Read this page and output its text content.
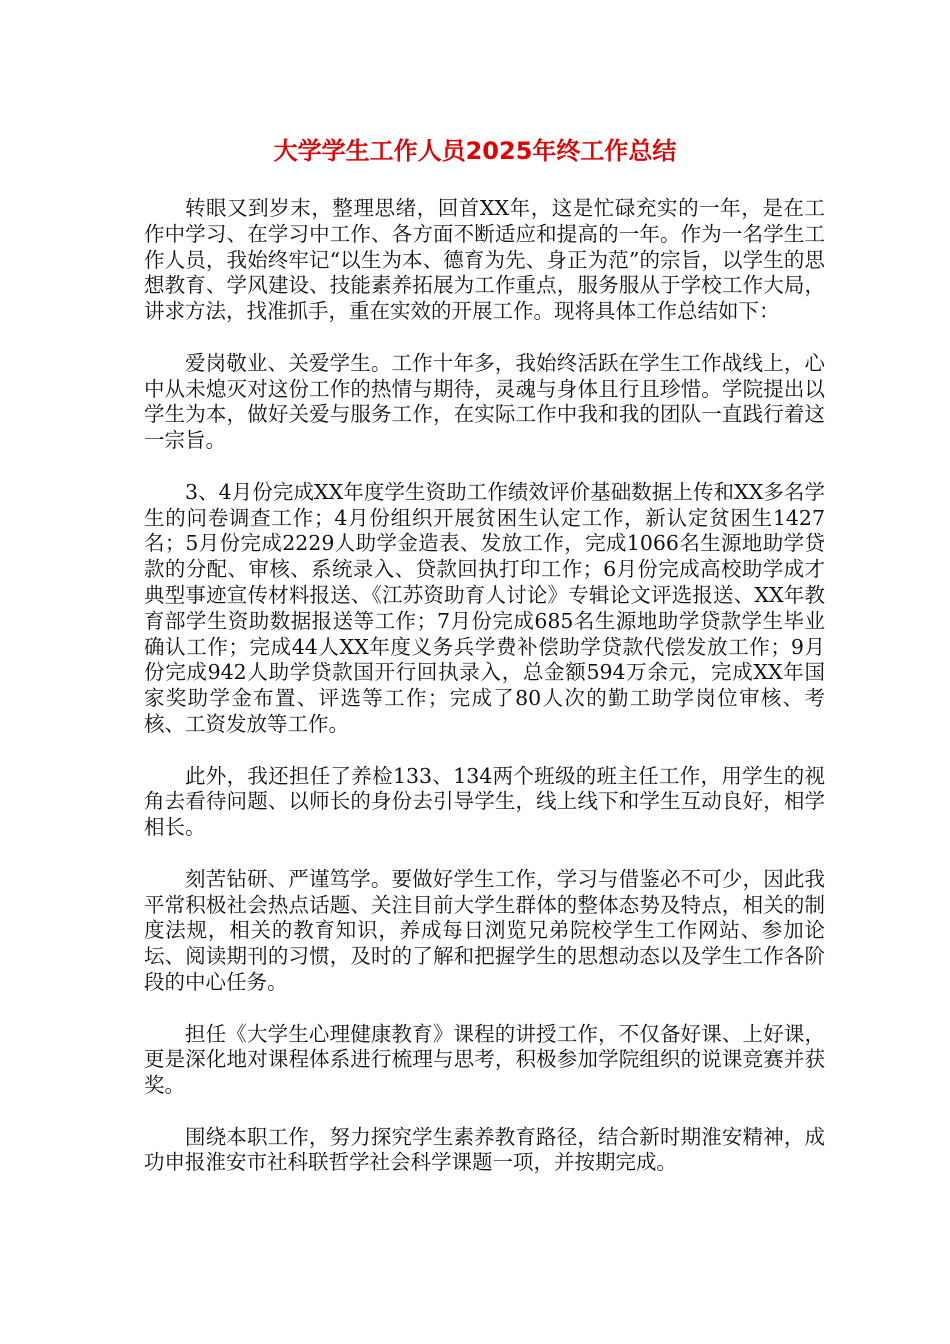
大学学生工作人员2025年终工作总结

转眼又到岁末，整理思绪，回首XX年，这是忙碌充实的一年，是在工作中学习、在学习中工作、各方面不断适应和提高的一年。作为一名学生工作人员，我始终牢记“以生为本、德育为先、身正为范”的宗旨，以学生的思想教育、学风建设、技能素养拓展为工作重点，服务服从于学校工作大局，讲求方法，找准抓手，重在实效的开展工作。现将具体工作总结如下：

爱岗敬业、关爱学生。工作十年多，我始终活跃在学生工作战线上，心中从未熄灭对这份工作的热情与期待，灵魂与身体且行且珍惜。学院提出以学生为本，做好关爱与服务工作，在实际工作中我和我的团队一直践行着这一宗旨。

3、4月份完成XX年度学生资助工作绩效评价基础数据上传和XX多名学生的问卷调查工作；4月份组织开展贫困生认定工作，新认定贫困生1427名；5月份完成2229人助学金造表、发放工作，完成1066名生源地助学贷款的分配、审核、系统录入、贷款回执打印工作；6月份完成高校助学成才典型事迹宣传材料报送、《江苏资助育人讨论》专辑论文评选报送、XX年教育部学生资助数据报送等工作；7月份完成685名生源地助学贷款学生毕业确认工作；完成44人XX年度义务兵学费补偿助学贷款代偿发放工作；9月份完成942人助学贷款国开行回执录入，总金额594万余元，完成XX年国家奖助学金布置、评选等工作；完成了80人次的勤工助学岗位审核、考核、工资发放等工作。

此外，我还担任了养检133、134两个班级的班主任工作，用学生的视角去看待问题、以师长的身份去引导学生，线上线下和学生互动良好，相学相长。

刻苦钻研、严谨笃学。要做好学生工作，学习与借鉴必不可少，因此我平常积极社会热点话题、关注目前大学生群体的整体态势及特点，相关的制度法规，相关的教育知识，养成每日浏览兄弟院校学生工作网站、参加论坛、阅读期刊的习惯，及时的了解和把握学生的思想动态以及学生工作各阶段的中心任务。

担任《大学生心理健康教育》课程的讲授工作，不仅备好课、上好课，更是深化地对课程体系进行梳理与思考，积极参加学院组织的说课竞赛并获奖。

围绕本职工作，努力探究学生素养教育路径，结合新时期淮安精神，成功申报淮安市社科联哲学社会科学课题一项，并按期完成。
